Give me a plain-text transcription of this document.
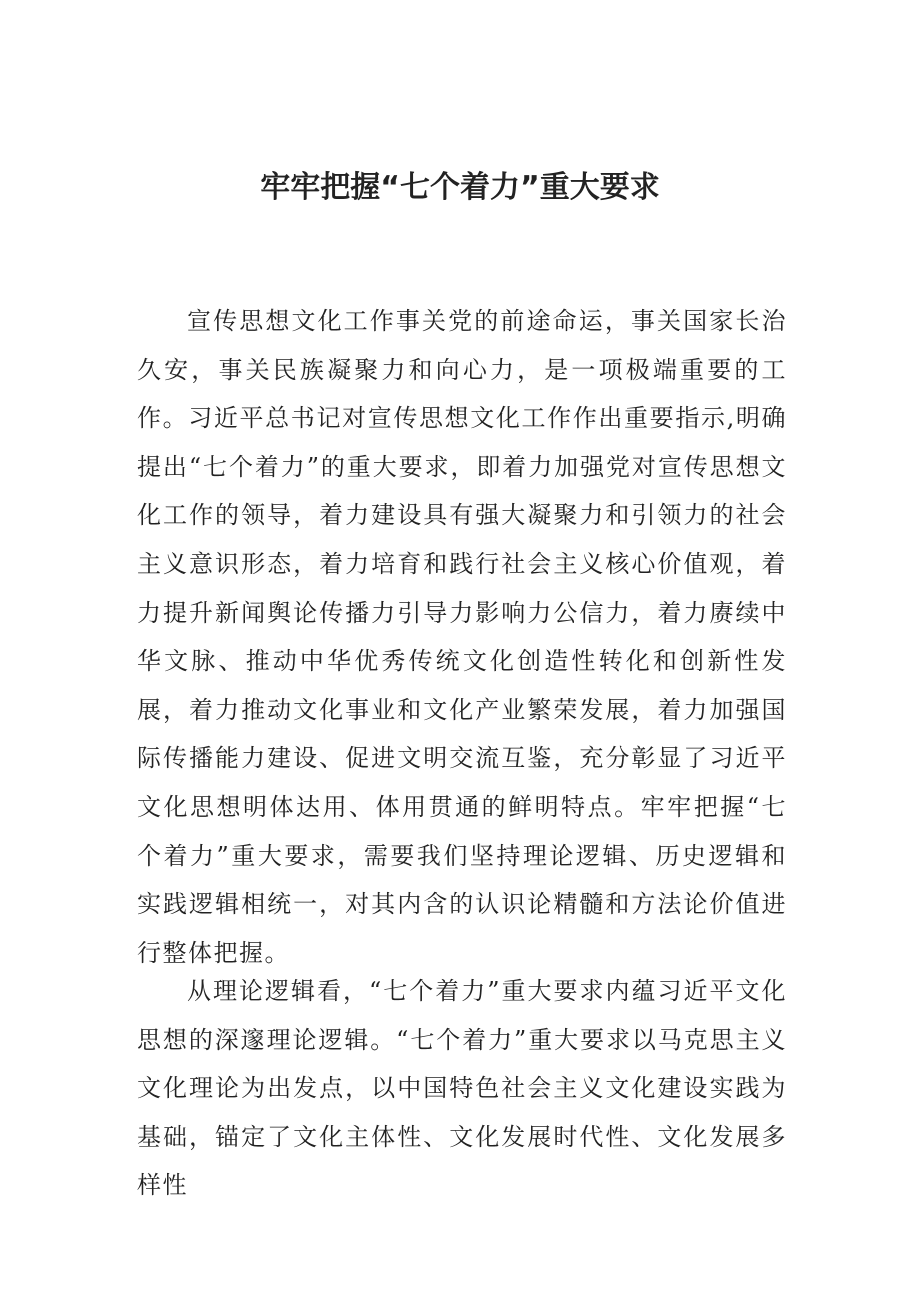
牢牢把握“七个着力”重大要求

宣传思想文化工作事关党的前途命运，事关国家长治久安，事关民族凝聚力和向心力，是一项极端重要的工作。习近平总书记对宣传思想文化工作作出重要指示,明确提出“七个着力”的重大要求，即着力加强党对宣传思想文化工作的领导，着力建设具有强大凝聚力和引领力的社会主义意识形态，着力培育和践行社会主义核心价值观，着力提升新闻舆论传播力引导力影响力公信力，着力赓续中华文脉、推动中华优秀传统文化创造性转化和创新性发展，着力推动文化事业和文化产业繁荣发展，着力加强国际传播能力建设、促进文明交流互鉴，充分彰显了习近平文化思想明体达用、体用贯通的鲜明特点。牢牢把握“七个着力”重大要求，需要我们坚持理论逻辑、历史逻辑和实践逻辑相统一，对其内含的认识论精髓和方法论价值进行整体把握。

从理论逻辑看，“七个着力”重大要求内蕴习近平文化思想的深邃理论逻辑。“七个着力”重大要求以马克思主义文化理论为出发点，以中国特色社会主义文化建设实践为基础，锚定了文化主体性、文化发展时代性、文化发展多样性
